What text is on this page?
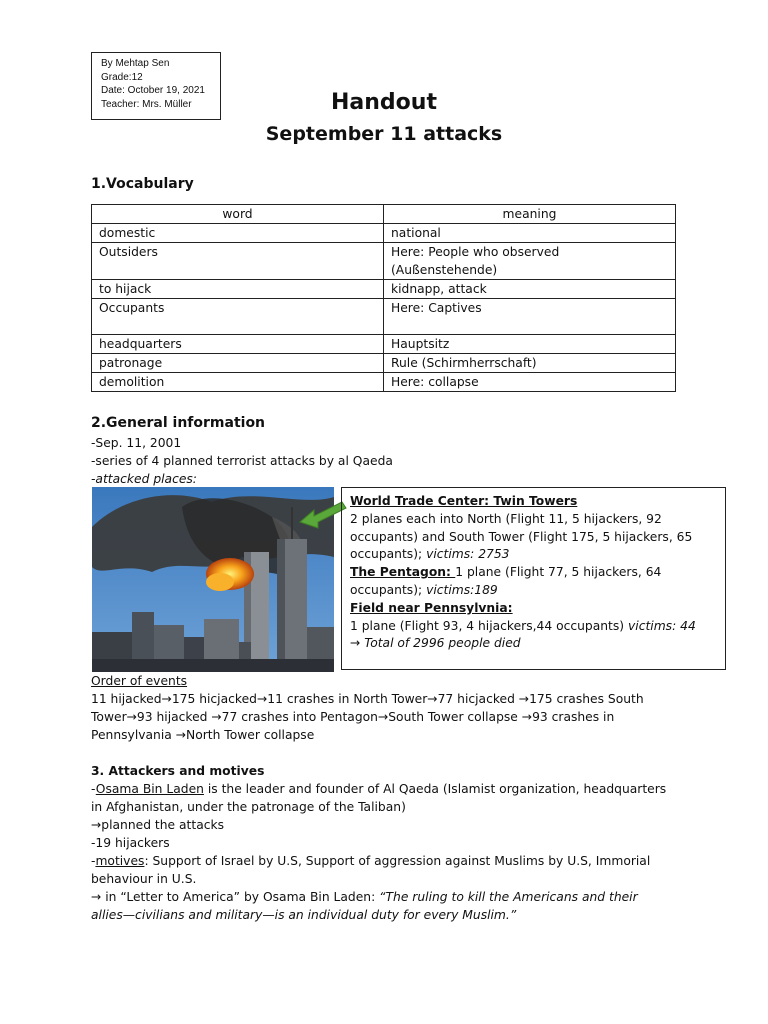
By Mehtap Sen
Grade:12
Date: October 19, 2021
Teacher: Mrs. Müller	Handout
September 11 attacks
1.Vocabulary
word	meaning
domestic	national
Outsiders	Here: People who observed (Außenstehende)
to hijack	kidnapp, attack
Occupants	Here: Captives
headquarters	Hauptsitz
patronage	Rule (Schirmherrschaft)
demolition	Here: collapse
2.General information
-Sep. 11, 2001
-series of 4 planned terrorist attacks by al Qaeda
-attacked places:
World Trade Center: Twin Towers
2 planes each into North (Flight 11, 5 hijackers, 92
occupants) and South Tower (Flight 175, 5 hijackers, 65
occupants); victims: 2753
The Pentagon: 1 plane (Flight 77, 5 hijackers, 64
occupants); victims:189
Field near Pennsylvnia:
1 plane (Flight 93, 4 hijackers,44 occupants) victims: 44
→ Total of 2996 people died
Order of events
11 hijacked→175 hicjacked→11 crashes in North Tower→77 hicjacked →175 crashes South
Tower→93 hijacked →77 crashes into Pentagon→South Tower collapse →93 crashes in
Pennsylvania →North Tower collapse
3. Attackers and motives
-Osama Bin Laden is the leader and founder of Al Qaeda (Islamist organization, headquarters
in Afghanistan, under the patronage of the Taliban)
→planned the attacks
-19 hijackers
-motives: Support of Israel by U.S, Support of aggression against Muslims by U.S, Immorial
behaviour in U.S.
→ in “Letter to America” by Osama Bin Laden: “The ruling to kill the Americans and their
allies—civilians and military—is an individual duty for every Muslim.”
